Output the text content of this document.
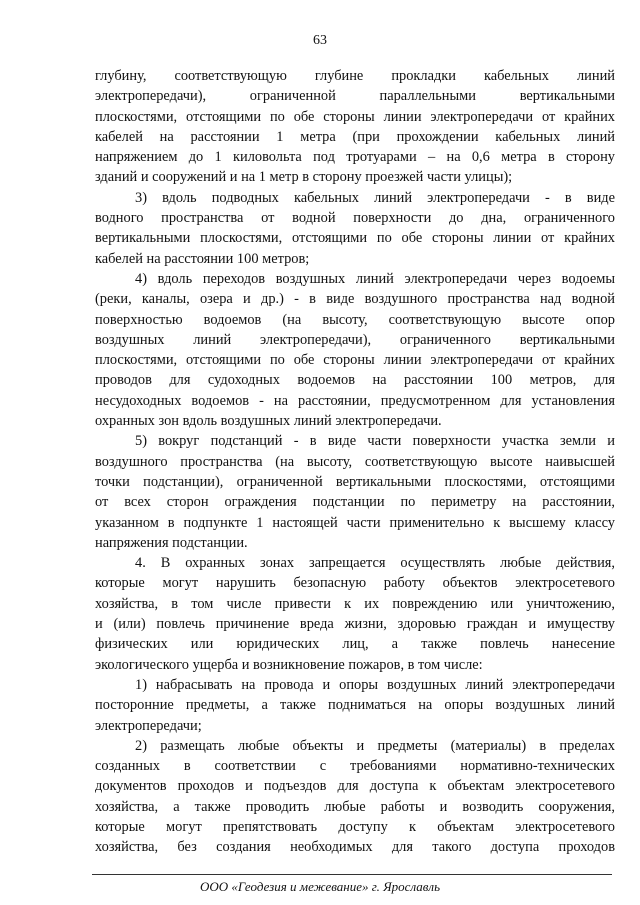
63
глубину, соответствующую глубине прокладки кабельных линий
электропередачи), ограниченной параллельными вертикальными
плоскостями, отстоящими по обе стороны линии электропередачи от крайних
кабелей на расстоянии 1 метра (при прохождении кабельных линий
напряжением до 1 киловольта под тротуарами – на 0,6 метра в сторону
зданий и сооружений и на 1 метр в сторону проезжей части улицы);
3) вдоль подводных кабельных линий электропередачи - в виде
водного пространства от водной поверхности до дна, ограниченного
вертикальными плоскостями, отстоящими по обе стороны линии от крайних
кабелей на расстоянии 100 метров;
4) вдоль переходов воздушных линий электропередачи через водоемы
(реки, каналы, озера и др.) - в виде воздушного пространства над водной
поверхностью водоемов (на высоту, соответствующую высоте опор
воздушных линий электропередачи), ограниченного вертикальными
плоскостями, отстоящими по обе стороны линии электропередачи от крайних
проводов для судоходных водоемов на расстоянии 100 метров, для
несудоходных водоемов - на расстоянии, предусмотренном для установления
охранных зон вдоль воздушных линий электропередачи.
5) вокруг подстанций - в виде части поверхности участка земли и
воздушного пространства (на высоту, соответствующую высоте наивысшей
точки подстанции), ограниченной вертикальными плоскостями, отстоящими
от всех сторон ограждения подстанции по периметру на расстоянии,
указанном в подпункте 1 настоящей части применительно к высшему классу
напряжения подстанции.
4. В охранных зонах запрещается осуществлять любые действия,
которые могут нарушить безопасную работу объектов электросетевого
хозяйства, в том числе привести к их повреждению или уничтожению,
и (или) повлечь причинение вреда жизни, здоровью граждан и имуществу
физических или юридических лиц, а также повлечь нанесение
экологического ущерба и возникновение пожаров, в том числе:
1) набрасывать на провода и опоры воздушных линий электропередачи
посторонние предметы, а также подниматься на опоры воздушных линий
электропередачи;
2) размещать любые объекты и предметы (материалы) в пределах
созданных в соответствии с требованиями нормативно-технических
документов проходов и подъездов для доступа к объектам электросетевого
хозяйства, а также проводить любые работы и возводить сооружения,
которые могут препятствовать доступу к объектам электросетевого
хозяйства, без создания необходимых для такого доступа проходов
ООО «Геодезия и межевание» г. Ярославль
